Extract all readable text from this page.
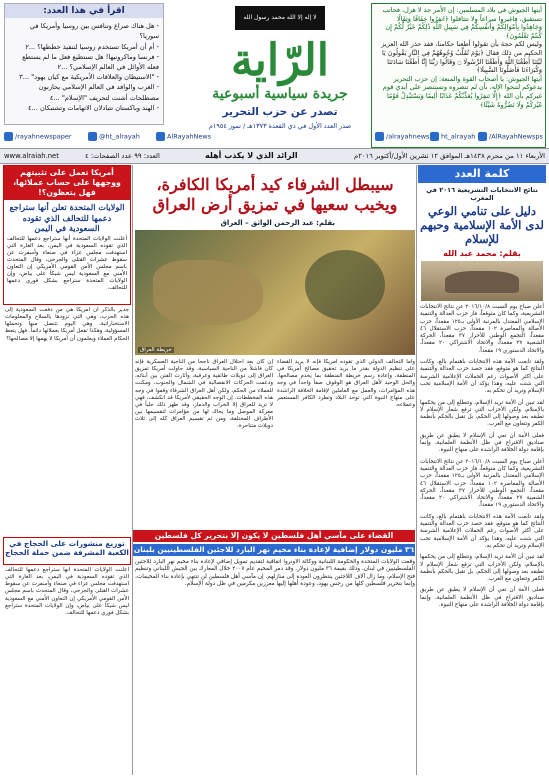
أيتها الجيوش في بلاد المسلمين: إن الأمر جد لا هزل، فحاتب تستفيق، فاغيروا سراعاً ولا تتثاقلوا ﴿انفِرُوا خِفَافًا وَثِقَالًا وَجَاهِدُوا بِأَمْوَالِكُمْ وَأَنفُسِكُمْ فِي سَبِيلِ اللَّهِ ذَٰلِكُمْ خَيْرٌ لَّكُمْ إِن كُنتُمْ تَعْلَمُونَ﴾
وليس لكم حجة بأن تقولوا أطعنا حكامنا، فقد حذر الله العزيز الحكيم من ذلك فقال ﴿يَوْمَ تُقَلَّبُ وُجُوهُهُمْ فِي النَّارِ يَقُولُونَ يَا لَيْتَنَا أَطَعْنَا اللَّهَ وَأَطَعْنَا الرَّسُولَا ۝ وَقَالُوا رَبَّنَا إِنَّا أَطَعْنَا سَادَتَنَا وَكُبَرَاءَنَا فَأَضَلُّونَا السَّبِيلَا﴾
أيتها الجيوش: يا أصحاب القوة والمنعة: إن حزب التحرير يدعوكم لتنحوا الإله، بأن لم تنصروه وتستنصر على أيدي قوم غيركم بأن الله ﴿إِلَّا تَنفِرُوا يُعَذِّبْكُمْ عَذَابًا أَلِيمًا وَيَسْتَبْدِلْ قَوْمًا غَيْرَكُمْ وَلَا تَضُرُّوهُ شَيْئًا﴾
لا إله إلا الله محمد رسول الله
الرّاية
جريدة سياسية أسبوعية
تصدر عن حزب التحرير
صدر العدد الأول في ذي القعدة ١٣٧٣هـ / تموز ١٩٥٤م
اقرأ في هذا العدد:
- هل هناك صراع وتنافس بين روسيا وأمريكا في سوريا؟
- أم أن أمريكا تستخدم روسيا لتنفيذ خططها؟ ...٢
- فرنسا وماكرونيها! هل تستطيع فعل ما لم يستطع فعله الأوائل في العالم الإسلامي؟ ...٢
- "الاستيطان والعلاقات الأمريكية مع كيان يهود" ...٣
- الغرب والوافد في العالم الإسلامي يحاربون مصطلحات أشنت لتحريف "الإسلام" ...٤
- الهند وباكستان تتبادلان الاتهامات وتشتبكان ...٤
/rayahnewspaper	@ht_alrayah	AlRayahNews	/alrayahnews	ht_alrayah	/AlRayahNewsps
www.alraiah.net	العدد: ٩٩ عدد الصفحات: ٤	الرائد الذي لا يكذب أهله	الأربعاء ١١ من محرم ١٤٣٨هـ الموافق ١٢ تشرين الأول/أكتوبر ٢٠١٦م
كلمة العدد
نتائج الانتخابات التشريعية ٢٠١٦ في المغرب
دليل على تنامي الوعي لدى الأمة الإسلامية وحبهم للإسلام
بقلم: محمد عبد الله

أعلن صباح يوم السبت ٢٠١٦/١٠/٨ عن نتائج الانتخابات التشريعية، وكما كان متوقعاً، فاز حزب العدالة والتنمية الإسلامي المعتدل بالمرتبة الأولى بـ١٢٥ مقعداً، حزب الأصالة والمعاصرة ١٠٢ مقعداً، حزب الاستقلال ٤٦ مقعداً، التجمع الوطني للأحرار ٣٧ مقعداً، الحركة الشعبية ٢٧ مقعداً، والاتحاد الاشتراكي ٢٠ مقعداً، والاتحاد الدستوري ١٩ مقعداً.

ولقد تابعت الأمة هذه الانتخابات باهتمام بالغ، وكانت النتائج كما هو متوقع، فقد حصد حزب العدالة والتنمية على أكثر الأصوات رغم الحملات الإعلامية الشرسة التي شنت عليه، وهذا يؤكد أن الأمة الإسلامية تحب الإسلام وتريد أن تحكم به.

لقد تبين أن الأمة تريد الإسلام، وتتطلع إلى من يحكمها بالإسلام، ولكن الأحزاب التي ترفع شعار الإسلام لا تطبقه بعد وصولها إلى الحكم، بل تقبل بالحكم بأنظمة الكفر وتتعاون مع الغرب.

فعلى الأمة أن تعي أن الإسلام لا يطبق عن طريق صناديق الاقتراع في ظل الأنظمة العلمانية، وإنما بإقامة دولة الخلافة الراشدة على منهاج النبوة.

أعلن صباح يوم السبت ٢٠١٦/١٠/٨ عن نتائج الانتخابات التشريعية، وكما كان متوقعاً، فاز حزب العدالة والتنمية الإسلامي المعتدل بالمرتبة الأولى بـ١٢٥ مقعداً، حزب الأصالة والمعاصرة ١٠٢ مقعداً، حزب الاستقلال ٤٦ مقعداً، التجمع الوطني للأحرار ٣٧ مقعداً، الحركة الشعبية ٢٧ مقعداً، والاتحاد الاشتراكي ٢٠ مقعداً، والاتحاد الدستوري ١٩ مقعداً.

ولقد تابعت الأمة هذه الانتخابات باهتمام بالغ، وكانت النتائج كما هو متوقع، فقد حصد حزب العدالة والتنمية على أكثر الأصوات رغم الحملات الإعلامية الشرسة التي شنت عليه، وهذا يؤكد أن الأمة الإسلامية تحب الإسلام وتريد أن تحكم به.

لقد تبين أن الأمة تريد الإسلام، وتتطلع إلى من يحكمها بالإسلام، ولكن الأحزاب التي ترفع شعار الإسلام لا تطبقه بعد وصولها إلى الحكم، بل تقبل بالحكم بأنظمة الكفر وتتعاون مع الغرب.

فعلى الأمة أن تعي أن الإسلام لا يطبق عن طريق صناديق الاقتراع في ظل الأنظمة العلمانية، وإنما بإقامة دولة الخلافة الراشدة على منهاج النبوة.

سيبطل الشرفاء كيد أمريكا الكافرة، ويخيب سعيها في تمزيق أرض العراق
بقلم: عبد الرحمن الواثق – العراق
خريطة العراق
إن كان بعد احتلال العراق ناجحاً من الناحية العسكرية فإنه كان فاشلاً من الناحية السياسية، وقد حاولت أمريكا تمزيق العراق إلى دويلات طائفية وعرقية، وأثارت الفتن بين أبنائه، ودعمت الحركات الانفصالية في الشمال والجنوب، ومكنت للعملاء من الحكم، ولكن أهل العراق الشرفاء وقفوا في وجه هذه المخططات. إن الوجه الحقيقي لأمريكا قد انكشف، فهي لا تريد للعراق إلا الخراب والدمار، وقد ظهر ذلك جلياً في معركة الموصل وما يحاك لها من مؤامرات لتقسيمها بين الأطراف المختلفة، ومن ثم تقسيم العراق كله إلى ثلاث دويلات متناحرة.
وأما التحالف الدولي الذي تقوده أمريكا فإنه لا يريد القضاء على تنظيم الدولة بقدر ما يريد تحقيق مصالح أمريكا في المنطقة، وإعادة رسم خريطة المنطقة بما يخدم مصالحها. والحل الوحيد لأهل العراق هو الوقوف صفاً واحداً في وجه هذه المؤامرات، والعمل مع العاملين لإقامة الخلافة الراشدة على منهاج النبوة التي توحد البلاد وتطرد الكافر المستعمر وعملاءه.
القضاء على مآسي أهل فلسطين لا يكون إلا بتحرير كل فلسطين
٣٦ مليون دولار إضافية لإعادة بناء مخيم نهر البارد للاجئين الفلسطينيين بلبنان
وقعت الولايات المتحدة والحكومة اللبنانية ووكالة الأونروا اتفاقية لتقديم تمويل إضافي لإعادة بناء مخيم نهر البارد للاجئين الفلسطينيين في لبنان، وذلك بقيمة ٣٦ مليون دولار. وقد دمر المخيم عام ٢٠٠٧ خلال المعارك بين الجيش اللبناني وتنظيم فتح الإسلام، وما زال آلاف اللاجئين ينتظرون العودة إلى منازلهم. إن مآسي أهل فلسطين لن تنتهي بإعادة بناء المخيمات، وإنما بتحرير فلسطين كلها من رجس يهود، وعودة أهلها إليها معززين مكرمين في ظل دولة الإسلام.
أمريكا تعمل على تثبيتهم ووجهها على حساب عملائها، فهل يتعظون؟!
الولايات المتحدة تعلن أنها ستراجع دعمها للتحالف الذي تقوده السعودية في اليمن
أعلنت الولايات المتحدة أنها ستراجع دعمها للتحالف الذي تقوده السعودية في اليمن، بعد الغارة التي استهدفت مجلس عزاء في صنعاء وأسفرت عن سقوط عشرات القتلى والجرحى، وقال المتحدث باسم مجلس الأمن القومي الأمريكي إن التعاون الأمني مع السعودية ليس شيكاً على بياض، وإن الولايات المتحدة ستراجع بشكل فوري دعمها للتحالف.
جدير بالذكر أن أمريكا هي من دفعت السعودية إلى هذه الحرب، وهي التي تزودها بالسلاح والمعلومات الاستخباراتية، وهي اليوم تتنصل منها وتحملها المسؤولية، وهكذا تفعل أمريكا بعملائها دائماً. فهل يتعظ الحكام العملاء ويعلمون أن أمريكا لا يهمها إلا مصالحها؟
توزيع منشورات على الحجاج في الكعبة المشرفة ضمن حملة الحجاج
أعلنت الولايات المتحدة أنها ستراجع دعمها للتحالف الذي تقوده السعودية في اليمن، بعد الغارة التي استهدفت مجلس عزاء في صنعاء وأسفرت عن سقوط عشرات القتلى والجرحى، وقال المتحدث باسم مجلس الأمن القومي الأمريكي إن التعاون الأمني مع السعودية ليس شيكاً على بياض، وإن الولايات المتحدة ستراجع بشكل فوري دعمها للتحالف.
